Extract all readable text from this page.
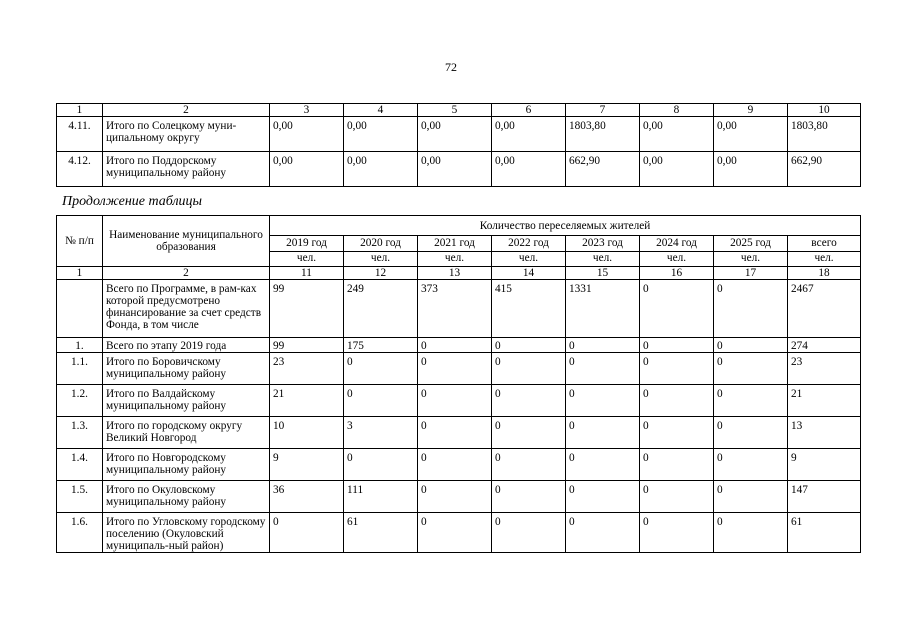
72
1	2	3	4	5	6	7	8	9	10
4.11.	Итого по Солецкому муни-ципальному округу	0,00	0,00	0,00	0,00	1803,80	0,00	0,00	1803,80
4.12.	Итого по Поддорскому муниципальному району	0,00	0,00	0,00	0,00	662,90	0,00	0,00	662,90
Продолжение таблицы
№ п/п	Наименование муниципального образования	Количество переселяемых жителей							
		2019 год	2020 год	2021 год	2022 год	2023 год	2024 год	2025 год	всего
		чел.	чел.	чел.	чел.	чел.	чел.	чел.	чел.
1	2	11	12	13	14	15	16	17	18
	Всего по Программе, в рам-ках которой предусмотрено финансирование за счет средств Фонда, в том числе	99	249	373	415	1331	0	0	2467
1.	Всего по этапу 2019 года	99	175	0	0	0	0	0	274
1.1.	Итого по Боровичскому муниципальному району	23	0	0	0	0	0	0	23
1.2.	Итого по Валдайскому муниципальному району	21	0	0	0	0	0	0	21
1.3.	Итого по городскому округу Великий Новгород	10	3	0	0	0	0	0	13
1.4.	Итого по Новгородскому муниципальному району	9	0	0	0	0	0	0	9
1.5.	Итого по Окуловскому муниципальному району	36	111	0	0	0	0	0	147
1.6.	Итого по Угловскому городскому поселению (Окуловский муниципаль-ный район)	0	61	0	0	0	0	0	61
